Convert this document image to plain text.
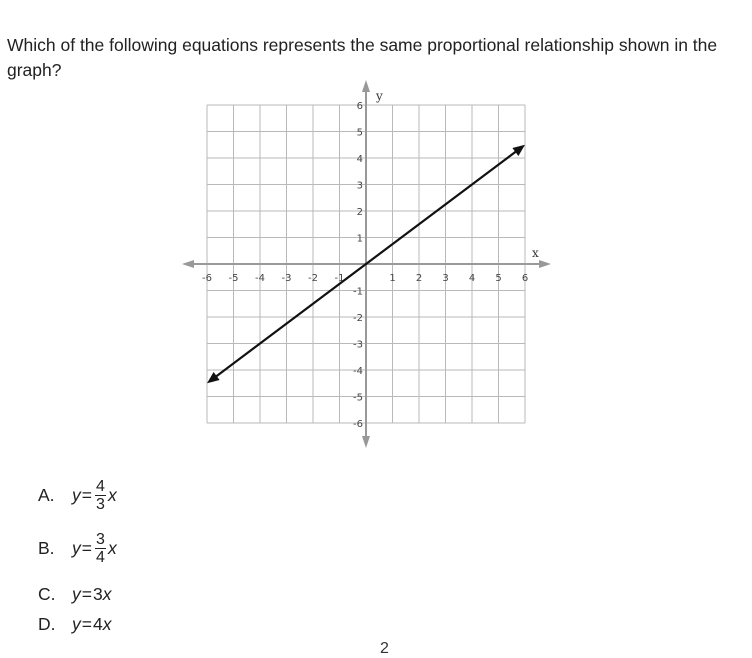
Which of the following equations represents the same proportional relationship shown in the graph?

-6 -5 -4 -3 -2 -1	1 2 3 4 5 6
6
5
4
3
2
1
-1
-2
-3
-4
-5
-6
x
y
A. $y = \frac{4}{3}$ x
B. $y = \frac{3}{4}$ x
C. y = 3 x
D. y = 4 x
2
